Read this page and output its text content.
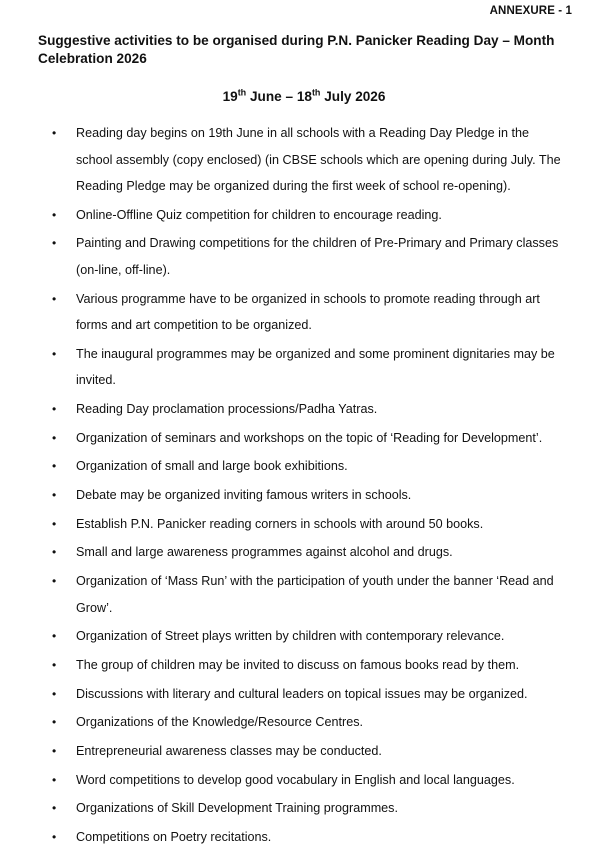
ANNEXURE - 1
Suggestive activities to be organised during P.N. Panicker Reading Day – Month Celebration 2026
19th June – 18th July 2026
• Reading day begins on 19th June in all schools with a Reading Day Pledge in the school assembly (copy enclosed) (in CBSE schools which are opening during July. The Reading Pledge may be organized during the first week of school re-opening).
• Online-Offline Quiz competition for children to encourage reading.
• Painting and Drawing competitions for the children of Pre-Primary and Primary classes (on-line, off-line).
• Various programme have to be organized in schools to promote reading through art forms and art competition to be organized.
• The inaugural programmes may be organized and some prominent dignitaries may be invited.
• Reading Day proclamation processions/Padha Yatras.
• Organization of seminars and workshops on the topic of ‘Reading for Development’.
• Organization of small and large book exhibitions.
• Debate may be organized inviting famous writers in schools.
• Establish P.N. Panicker reading corners in schools with around 50 books.
• Small and large awareness programmes against alcohol and drugs.
• Organization of ‘Mass Run’ with the participation of youth under the banner ‘Read and Grow’.
• Organization of Street plays written by children with contemporary relevance.
• The group of children may be invited to discuss on famous books read by them.
• Discussions with literary and cultural leaders on topical issues may be organized.
• Organizations of the Knowledge/Resource Centres.
• Entrepreneurial awareness classes may be conducted.
• Word competitions to develop good vocabulary in English and local languages.
• Organizations of Skill Development Training programmes.
• Competitions on Poetry recitations.
